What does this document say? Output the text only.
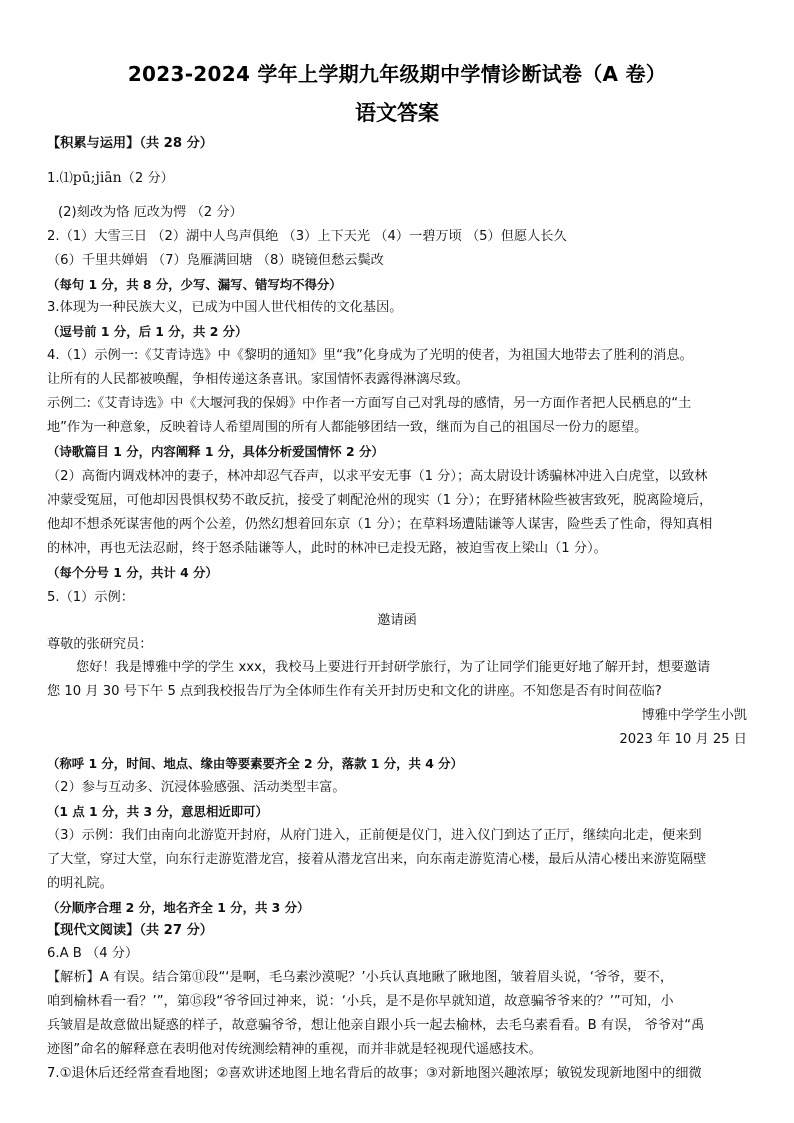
2023-2024 学年上学期九年级期中学情诊断试卷（A 卷）
语文答案
【积累与运用】（共 28 分）
1.⑴pū;jiān（2 分）
(2)刻改为恪 厄改为愕 （2 分）
2.（1）大雪三日 （2）湖中人鸟声俱绝 （3）上下天光 （4）一碧万顷 （5）但愿人长久
（6）千里共婵娟 （7）凫雁满回塘 （8）晓镜但愁云鬓改
（每句 1 分，共 8 分，少写、漏写、错写均不得分）
3.体现为一种民族大义，已成为中国人世代相传的文化基因。
（逗号前 1 分，后 1 分，共 2 分）
4.（1）示例一:《艾青诗选》中《黎明的通知》里“我”化身成为了光明的使者，为祖国大地带去了胜利的消息。
让所有的人民都被唤醒，争相传递这条喜讯。家国情怀表露得淋漓尽致。
示例二:《艾青诗选》中《大堰河我的保姆》中作者一方面写自己对乳母的感情，另一方面作者把人民栖息的“土
地”作为一种意象，反映着诗人希望周围的所有人都能够团结一致，继而为自己的祖国尽一份力的愿望。
（诗歌篇目 1 分，内容阐释 1 分，具体分析爱国情怀 2 分）
（2）高衙内调戏林冲的妻子，林冲却忍气吞声，以求平安无事（1 分）；高太尉设计诱骗林冲进入白虎堂，以致林
冲蒙受冤屈，可他却因畏惧权势不敢反抗，接受了刺配沧州的现实（1 分）；在野猪林险些被害致死，脱离险境后，
他却不想杀死谋害他的两个公差，仍然幻想着回东京（1 分）；在草料场遭陆谦等人谋害，险些丢了性命，得知真相
的林冲，再也无法忍耐，终于怒杀陆谦等人，此时的林冲已走投无路，被迫雪夜上梁山（1 分）。
（每个分号 1 分，共计 4 分）
5.（1）示例：
邀请函
尊敬的张研究员：
您好！我是博雅中学的学生 xxx，我校马上要进行开封研学旅行，为了让同学们能更好地了解开封，想要邀请
您 10 月 30 号下午 5 点到我校报告厅为全体师生作有关开封历史和文化的讲座。不知您是否有时间莅临?
博雅中学学生小凯
2023 年 10 月 25 日
（称呼 1 分，时间、地点、缘由等要素要齐全 2 分，落款 1 分，共 4 分）
（2）参与互动多、沉浸体验感强、活动类型丰富。
（1 点 1 分，共 3 分，意思相近即可）
（3）示例：我们由南向北游览开封府，从府门进入，正前便是仪门，进入仪门到达了正厅，继续向北走，便来到
了大堂，穿过大堂，向东行走游览潜龙宫，接着从潜龙宫出来，向东南走游览清心楼，最后从清心楼出来游览隔壁
的明礼院。
（分顺序合理 2 分，地名齐全 1 分，共 3 分）
【现代文阅读】（共 27 分）
6.A B （4 分）
【解析】A 有误。结合第⑪段“‘是啊，毛乌素沙漠呢？’小兵认真地瞅了瞅地图，皱着眉头说，‘爷爷，要不，
咱到榆林看一看？’”，第⑮段“爷爷回过神来，说：‘小兵，是不是你早就知道，故意骗爷爷来的？’”可知，小
兵皱眉是故意做出疑惑的样子，故意骗爷爷，想让他亲自跟小兵一起去榆林，去毛乌素看看。B 有误， 爷爷对“禹
迹图”命名的解释意在表明他对传统测绘精神的重视，而并非就是轻视现代遥感技术。
7.①退休后还经常查看地图；②喜欢讲述地图上地名背后的故事；③对新地图兴趣浓厚；敏锐发现新地图中的细微
